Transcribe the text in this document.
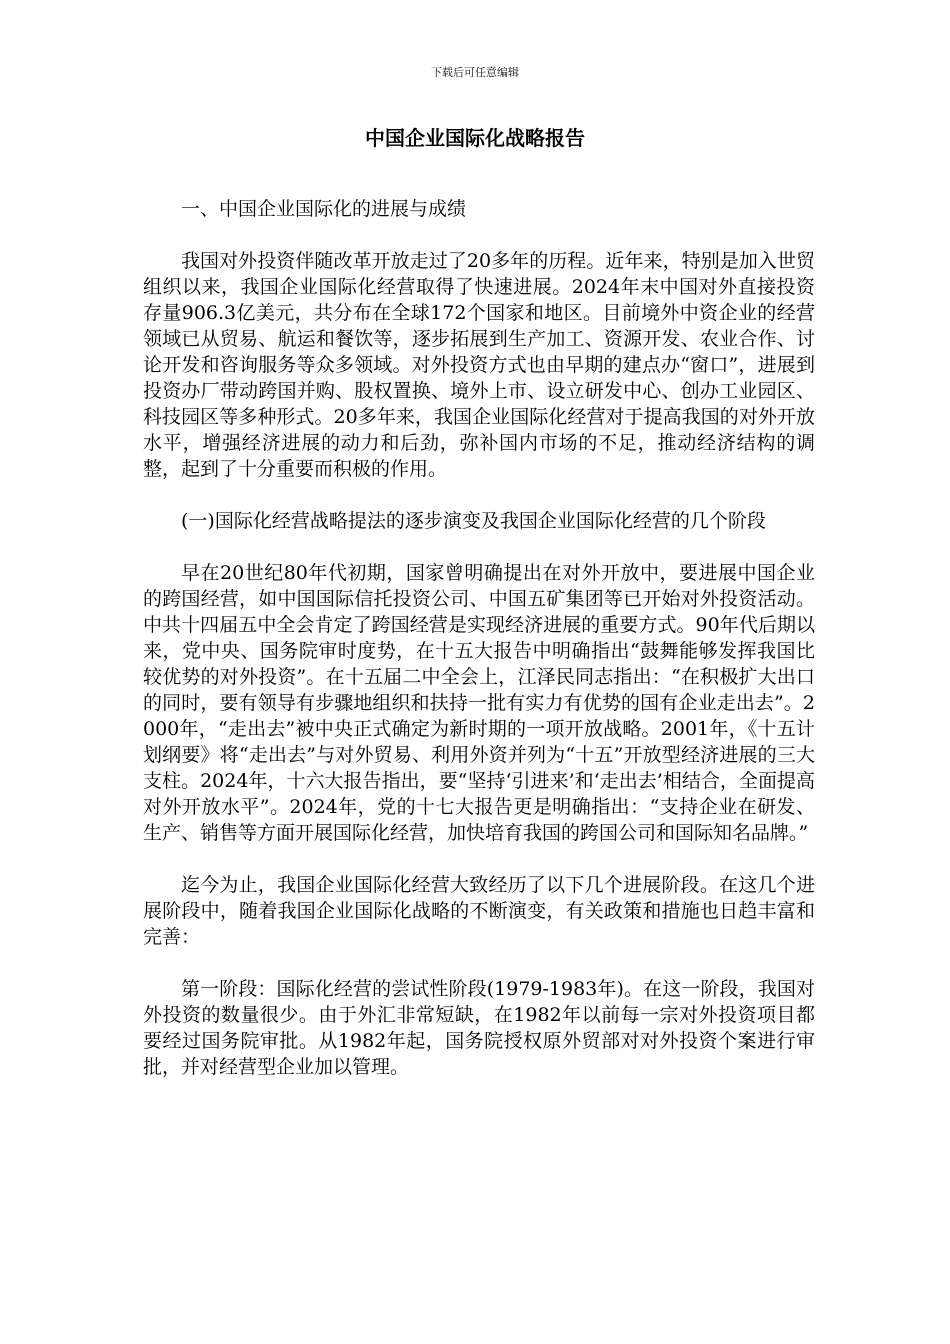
下载后可任意编辑
中国企业国际化战略报告

一、中国企业国际化的进展与成绩

我国对外投资伴随改革开放走过了20多年的历程。近年来，特别是加入世贸组织以来，我国企业国际化经营取得了快速进展。2024年末中国对外直接投资存量906.3亿美元，共分布在全球172个国家和地区。目前境外中资企业的经营领域已从贸易、航运和餐饮等，逐步拓展到生产加工、资源开发、农业合作、讨论开发和咨询服务等众多领域。对外投资方式也由早期的建点办“窗口”，进展到投资办厂带动跨国并购、股权置换、境外上市、设立研发中心、创办工业园区、科技园区等多种形式。20多年来，我国企业国际化经营对于提高我国的对外开放水平，增强经济进展的动力和后劲，弥补国内市场的不足，推动经济结构的调整，起到了十分重要而积极的作用。

(一)国际化经营战略提法的逐步演变及我国企业国际化经营的几个阶段

早在20世纪80年代初期，国家曾明确提出在对外开放中，要进展中国企业的跨国经营，如中国国际信托投资公司、中国五矿集团等已开始对外投资活动。中共十四届五中全会肯定了跨国经营是实现经济进展的重要方式。90年代后期以来，党中央、国务院审时度势，在十五大报告中明确指出“鼓舞能够发挥我国比较优势的对外投资”。在十五届二中全会上，江泽民同志指出：“在积极扩大出口的同时，要有领导有步骤地组织和扶持一批有实力有优势的国有企业走出去”。2000年，“走出去”被中央正式确定为新时期的一项开放战略。2001年，《十五计划纲要》将“走出去”与对外贸易、利用外资并列为“十五”开放型经济进展的三大支柱。2024年，十六大报告指出，要“坚持‘引进来’和‘走出去’相结合，全面提高对外开放水平”。2024年，党的十七大报告更是明确指出：“支持企业在研发、生产、销售等方面开展国际化经营，加快培育我国的跨国公司和国际知名品牌。”

迄今为止，我国企业国际化经营大致经历了以下几个进展阶段。在这几个进展阶段中，随着我国企业国际化战略的不断演变，有关政策和措施也日趋丰富和完善：

第一阶段：国际化经营的尝试性阶段(1979-1983年)。在这一阶段，我国对外投资的数量很少。由于外汇非常短缺，在1982年以前每一宗对外投资项目都要经过国务院审批。从1982年起，国务院授权原外贸部对对外投资个案进行审批，并对经营型企业加以管理。
